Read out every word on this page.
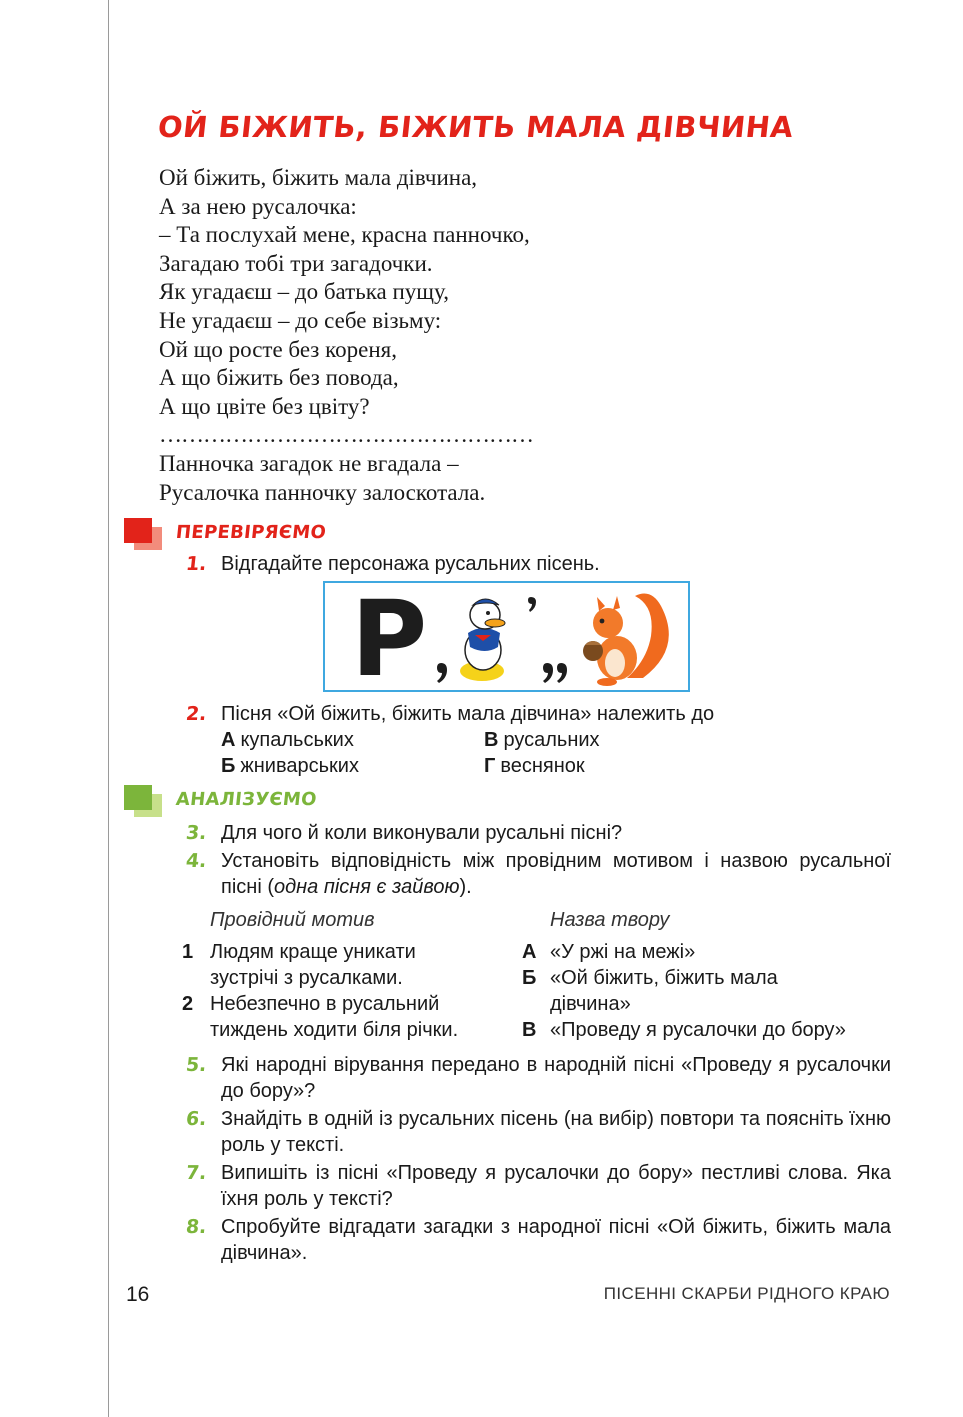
ОЙ БІЖИТЬ, БІЖИТЬ МАЛА ДІВЧИНА
Ой біжить, біжить мала дівчина,
А за нею русалочка:
– Та послухай мене, красна панночко,
Загадаю тобі три загадочки.
Як угадаєш – до батька пущу,
Не угадаєш – до себе візьму:
Ой що росте без кореня,
А що біжить без повода,
А що цвіте без цвіту?
……………………………………………
Панночка загадок не вгадала –
Русалочка панночку залоскотала.
ПЕРЕВІРЯЄМО
1. Відгадайте персонажа русальних пісень.
Р
2. Пісня «Ой біжить, біжить мала дівчина» належить до
А купальських
Б жниварських
В русальних
Г веснянок
АНАЛІЗУЄМО
3. Для чого й коли виконували русальні пісні?
4. Установіть відповідність між провідним мотивом і назвою русальної пісні (одна пісня є зайвою).
Провідний мотив	Назва твору
1 Людям краще уникати зустрічі з русалками.
2 Небезпечно в русальний тиждень ходити біля річки.
А «У ржі на межі»
Б «Ой біжить, біжить мала дівчина»
В «Проведу я русалочки до бору»
5. Які народні вірування передано в народній пісні «Проведу я русалочки до бору»?
6. Знайдіть в одній із русальних пісень (на вибір) повтори та поясніть їхню роль у тексті.
7. Випишіть із пісні «Проведу я русалочки до бору» пестливі слова. Яка їхня роль у тексті?
8. Спробуйте відгадати загадки з народної пісні «Ой біжить, біжить мала дівчина».
16	ПІСЕННІ СКАРБИ РІДНОГО КРАЮ
